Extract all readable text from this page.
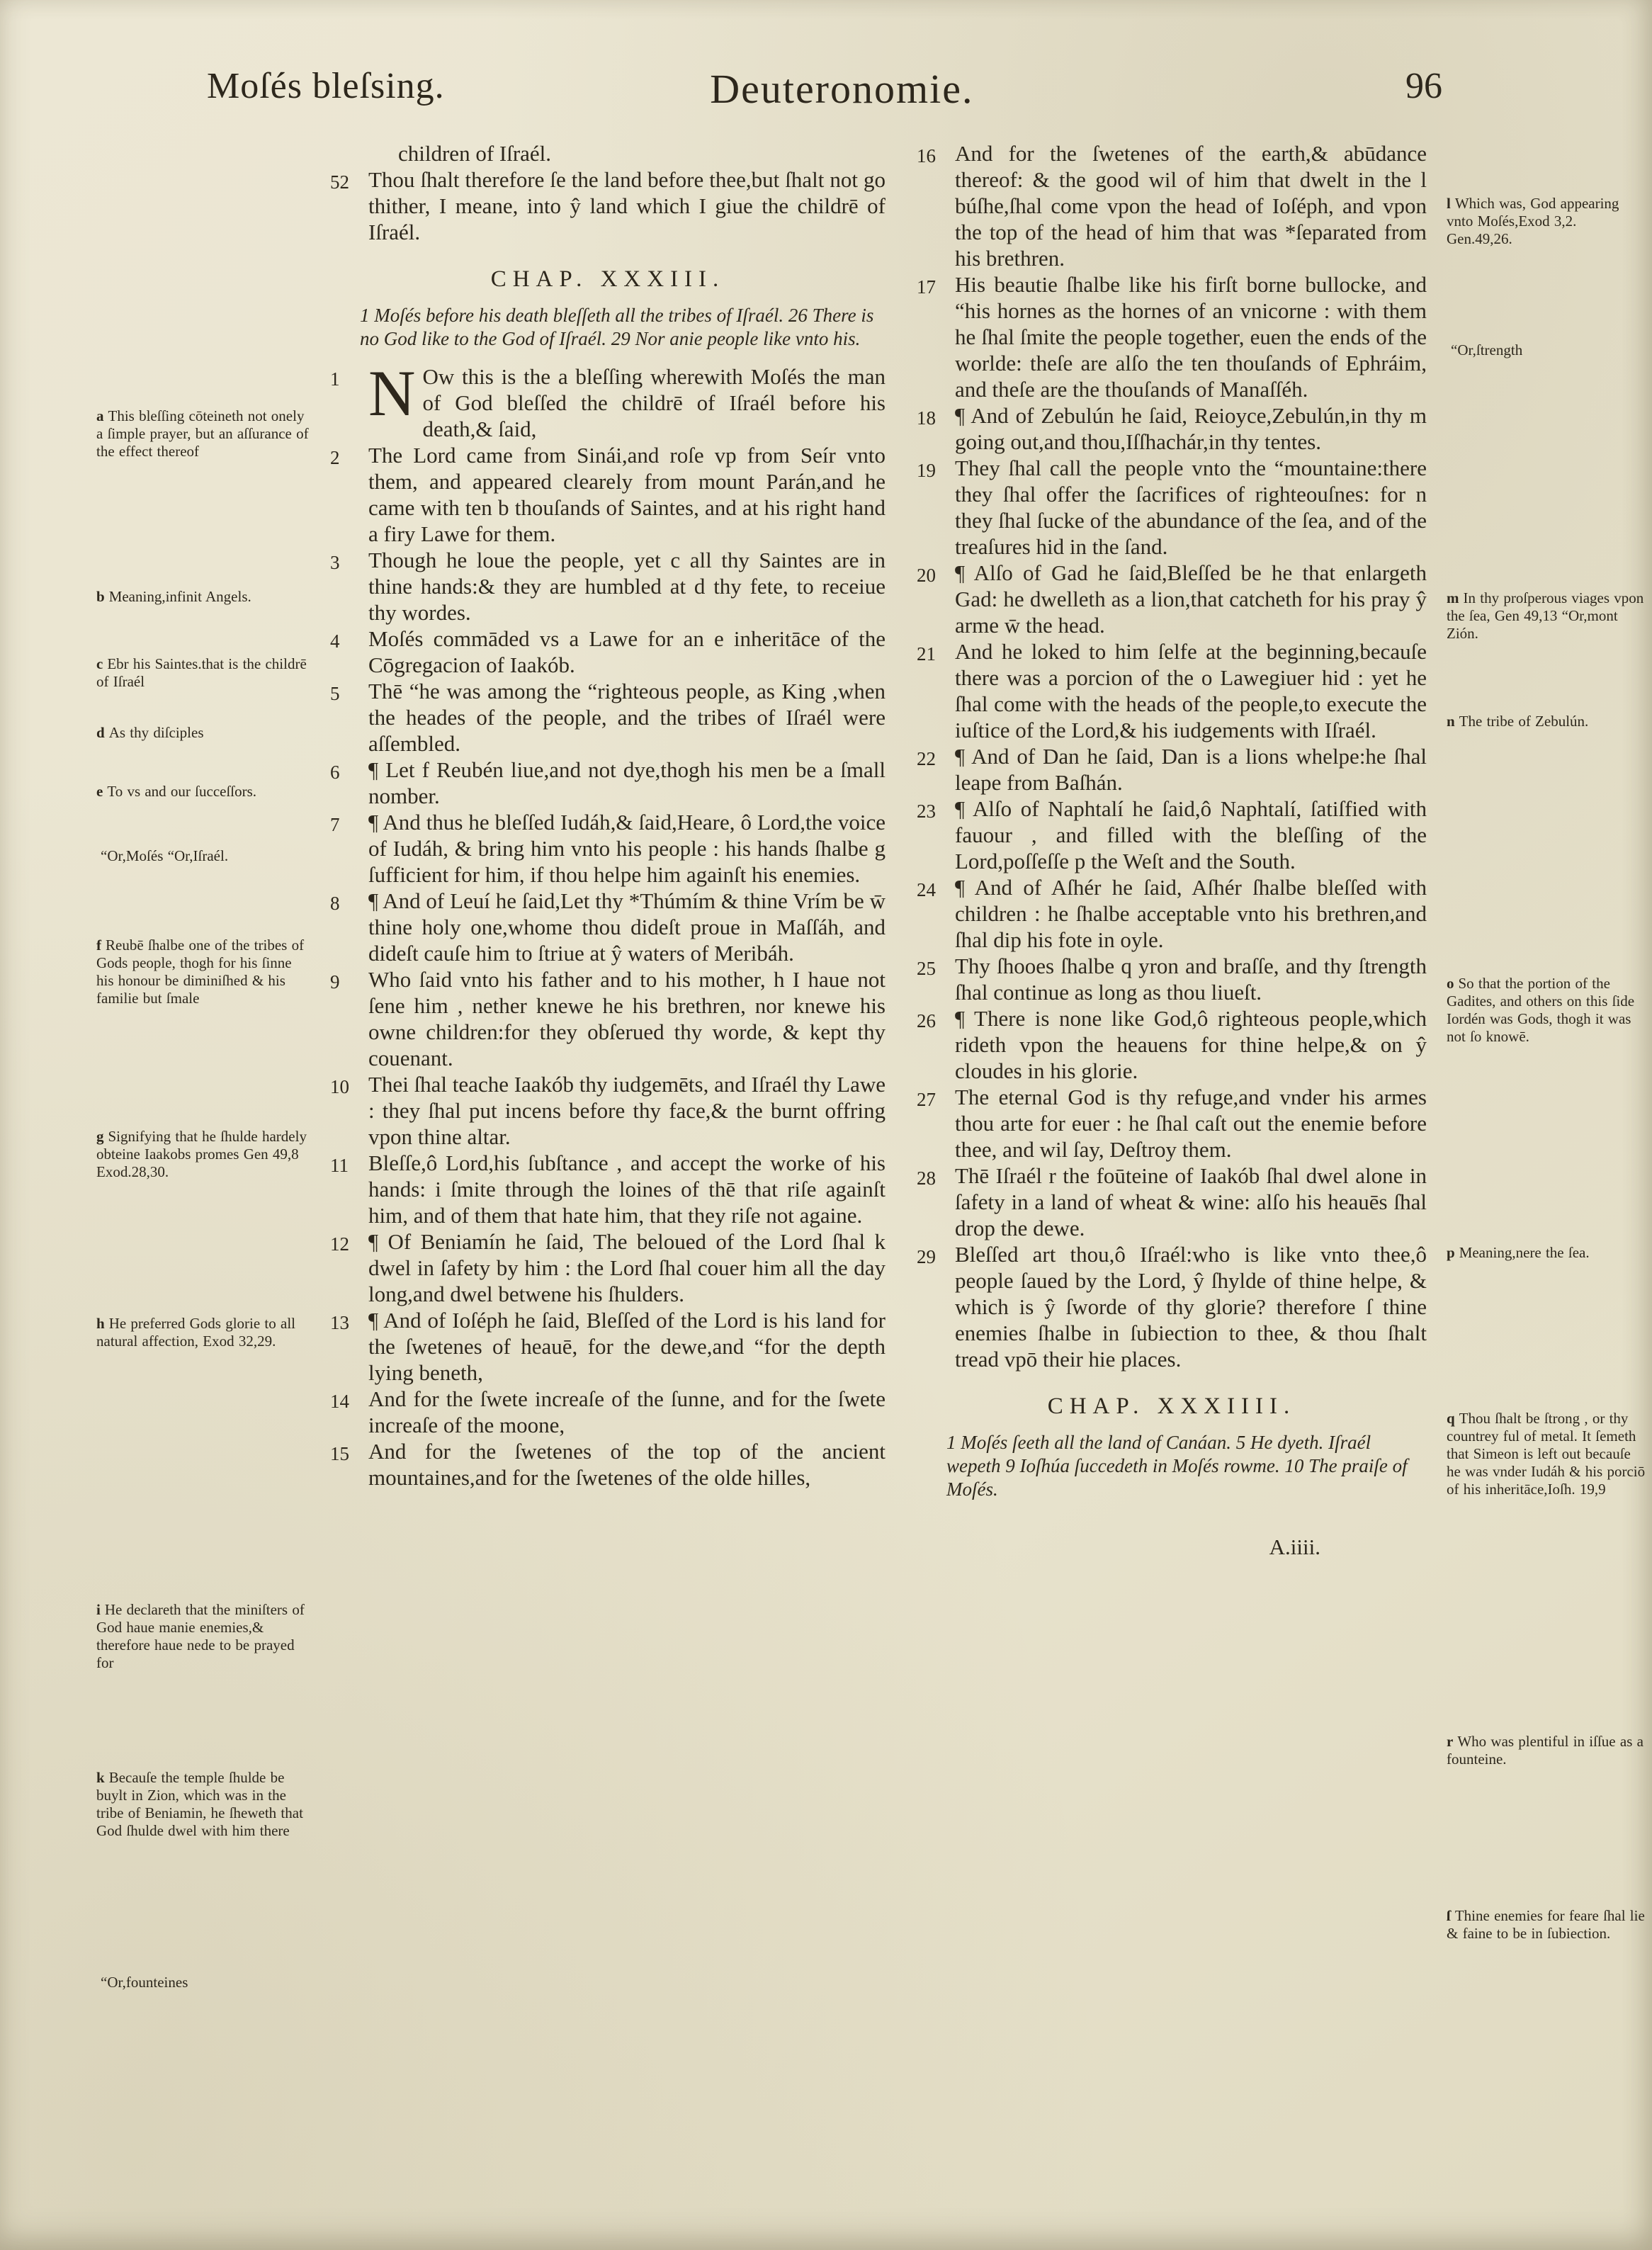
Moſés bleſsing.	Deuteronomie.	96
a This bleſſing cōteineth not onely a ſimple prayer, but an aſſurance of the effect thereof
b Meaning,infinit Angels.
c Ebr his Saintes.that is the childrē of Iſraél
d As thy diſciples
e To vs and our ſucceſſors.
“Or,Moſés “Or,Iſraél.
f Reubē ſhalbe one of the tribes of Gods people, thogh for his ſinne his honour be diminiſhed & his familie but ſmale
g Signifying that he ſhulde hardely obteine Iaakobs promes Gen 49,8 Exod.28,30.
h He preferred Gods glorie to all natural affection, Exod 32,29.
i He declareth that the miniſters of God haue manie enemies,& therefore haue nede to be prayed for
k Becauſe the temple ſhulde be buylt in Zion, which was in the tribe of Beniamin, he ſheweth that God ſhulde dwel with him there
“Or,founteines

children of Iſraél.

52 Thou ſhalt therefore ſe the land before thee,but ſhalt not go thither, I meane, into ŷ land which I giue the childrē of Iſraél.

CHAP. XXXIII.

1 Moſés before his death bleſſeth all the tribes of Iſraél. 26 There is no God like to the God of Iſraél. 29 Nor anie people like vnto his.

1	NOw this is the a bleſſing wherewith Moſés the man of God bleſſed the childrē of Iſraél before his death,& ſaid,

2	The Lord came from Sinái,and roſe vp from Seír vnto them, and appeared clearely from mount Parán,and he came with ten b thouſands of Saintes, and at his right hand a firy Lawe for them.

3	Though he loue the people, yet c all thy Saintes are in thine hands:& they are humbled at d thy fete, to receiue thy wordes.

4	Moſés commāded vs a Lawe for an e inheritāce of the Cōgregacion of Iaakób.

5	Thē “he was among the “righteous people, as King ,when the heades of the people, and the tribes of Iſraél were aſſembled.

6	¶ Let f Reubén liue,and not dye,thogh his men be a ſmall nomber.

7	¶ And thus he bleſſed Iudáh,& ſaid,Heare, ô Lord,the voice of Iudáh, & bring him vnto his people : his hands ſhalbe g ſufficient for him, if thou helpe him againſt his enemies.

8	¶ And of Leuí he ſaid,Let thy *Thúmím & thine Vrím be w̄ thine holy one,whome thou dideſt proue in Maſſáh, and dideſt cauſe him to ſtriue at ŷ waters of Meribáh.

9	Who ſaid vnto his father and to his mother, h I haue not ſene him , nether knewe he his brethren, nor knewe his owne children:for they obſerued thy worde, & kept thy couenant.

10 Thei ſhal teache Iaakób thy iudgemēts, and Iſraél thy Lawe : they ſhal put incens before thy face,& the burnt offring vpon thine altar.

11 Bleſſe,ô Lord,his ſubſtance , and accept the worke of his hands: i ſmite through the loines of thē that riſe againſt him, and of them that hate him, that they riſe not againe.

12 ¶ Of Beniamín he ſaid, The beloued of the Lord ſhal k dwel in ſafety by him : the Lord ſhal couer him all the day long,and dwel betwene his ſhulders.

13 ¶ And of Ioſéph he ſaid, Bleſſed of the Lord is his land for the ſwetenes of heauē, for the dewe,and “for the depth lying beneth,

14 And for the ſwete increaſe of the ſunne, and for the ſwete increaſe of the moone,

15 And for the ſwetenes of the top of the ancient mountaines,and for the ſwetenes of the olde hilles,

16 And for the ſwetenes of the earth,& abūdance thereof: & the good wil of him that dwelt in the l búſhe,ſhal come vpon the head of Ioſéph, and vpon the top of the head of him that was *ſeparated from his brethren.

17 His beautie ſhalbe like his firſt borne bullocke, and “his hornes as the hornes of an vnicorne : with them he ſhal ſmite the people together, euen the ends of the worlde: theſe are alſo the ten thouſands of Ephráim, and theſe are the thouſands of Manaſſéh.

18 ¶ And of Zebulún he ſaid, Reioyce,Zebulún,in thy m going out,and thou,Iſſhachár,in thy tentes.

19 They ſhal call the people vnto the “mountaine:there they ſhal offer the ſacrifices of righteouſnes: for n they ſhal ſucke of the abundance of the ſea, and of the treaſures hid in the ſand.

20 ¶ Alſo of Gad he ſaid,Bleſſed be he that enlargeth Gad: he dwelleth as a lion,that catcheth for his pray ŷ arme w̄ the head.

21 And he loked to him ſelfe at the beginning,becauſe there was a porcion of the o Lawegiuer hid : yet he ſhal come with the heads of the people,to execute the iuſtice of the Lord,& his iudgements with Iſraél.

22 ¶ And of Dan he ſaid, Dan is a lions whelpe:he ſhal leape from Baſhán.

23 ¶ Alſo of Naphtalí he ſaid,ô Naphtalí, ſatiſfied with fauour , and filled with the bleſſing of the Lord,poſſeſſe p the Weſt and the South.

24 ¶ And of Aſhér he ſaid, Aſhér ſhalbe bleſſed with children : he ſhalbe acceptable vnto his brethren,and ſhal dip his fote in oyle.

25 Thy ſhooes ſhalbe q yron and braſſe, and thy ſtrength ſhal continue as long as thou liueſt.

26 ¶ There is none like God,ô righteous people,which rideth vpon the heauens for thine helpe,& on ŷ cloudes in his glorie.

27 The eternal God is thy refuge,and vnder his armes thou arte for euer : he ſhal caſt out the enemie before thee, and wil ſay, Deſtroy them.

28 Thē Iſraél r the foūteine of Iaakób ſhal dwel alone in ſafety in a land of wheat & wine: alſo his heauēs ſhal drop the dewe.

29 Bleſſed art thou,ô Iſraél:who is like vnto thee,ô people ſaued by the Lord, ŷ ſhylde of thine helpe, & which is ŷ ſworde of thy glorie? therefore ſ thine enemies ſhalbe in ſubiection to thee, & thou ſhalt tread vpō their hie places.

CHAP. XXXIIII.

1 Moſés ſeeth all the land of Canáan. 5 He dyeth. Iſraél wepeth 9 Ioſhúa ſuccedeth in Moſés rowme. 10 The praiſe of Moſés.

A.iiii.

l Which was, God appearing vnto Moſés,Exod 3,2. Gen.49,26.
“Or,ſtrength
m In thy proſperous viages vpon the ſea, Gen 49,13 “Or,mont Zión.
n The tribe of Zebulún.
o So that the portion of the Gadites, and others on this ſide Iordén was Gods, thogh it was not ſo knowē.
p Meaning,nere the ſea.
q Thou ſhalt be ſtrong , or thy countrey ful of metal. It ſemeth that Simeon is left out becauſe he was vnder Iudáh & his porciō of his inheritāce,Ioſh. 19,9
r Who was plentiful in iſſue as a founteine.
ſ Thine enemies for feare ſhal lie & faine to be in ſubiection.
